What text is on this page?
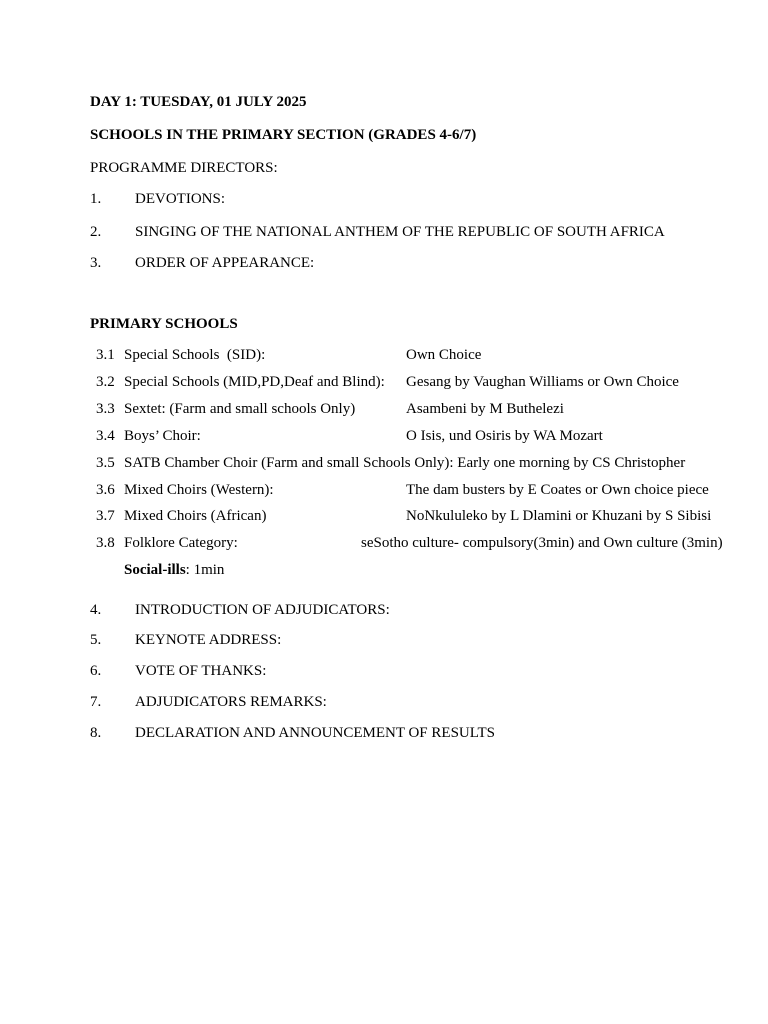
DAY 1: TUESDAY, 01 JULY 2025
SCHOOLS IN THE PRIMARY SECTION (GRADES 4-6/7)
PROGRAMME DIRECTORS:
1. DEVOTIONS:
2. SINGING OF THE NATIONAL ANTHEM OF THE REPUBLIC OF SOUTH AFRICA
3. ORDER OF APPEARANCE:
PRIMARY SCHOOLS
3.1 Special Schools  (SID):	Own Choice
3.2 Special Schools (MID,PD,Deaf and Blind): Gesang by Vaughan Williams or Own Choice
3.3 Sextet: (Farm and small schools Only)	Asambeni by M Buthelezi
3.4 Boys’ Choir:	O Isis, und Osiris by WA Mozart
3.5 SATB Chamber Choir (Farm and small Schools Only): Early one morning by CS Christopher
3.6 Mixed Choirs (Western):	The dam busters by E Coates or Own choice piece
3.7 Mixed Choirs (African)	NoNkululeko by L Dlamini or Khuzani by S Sibisi
3.8 Folklore Category:	seSotho culture- compulsory(3min) and Own culture (3min)
Social-ills: 1min
4. INTRODUCTION OF ADJUDICATORS:
5. KEYNOTE ADDRESS:
6. VOTE OF THANKS:
7. ADJUDICATORS REMARKS:
8. DECLARATION AND ANNOUNCEMENT OF RESULTS
